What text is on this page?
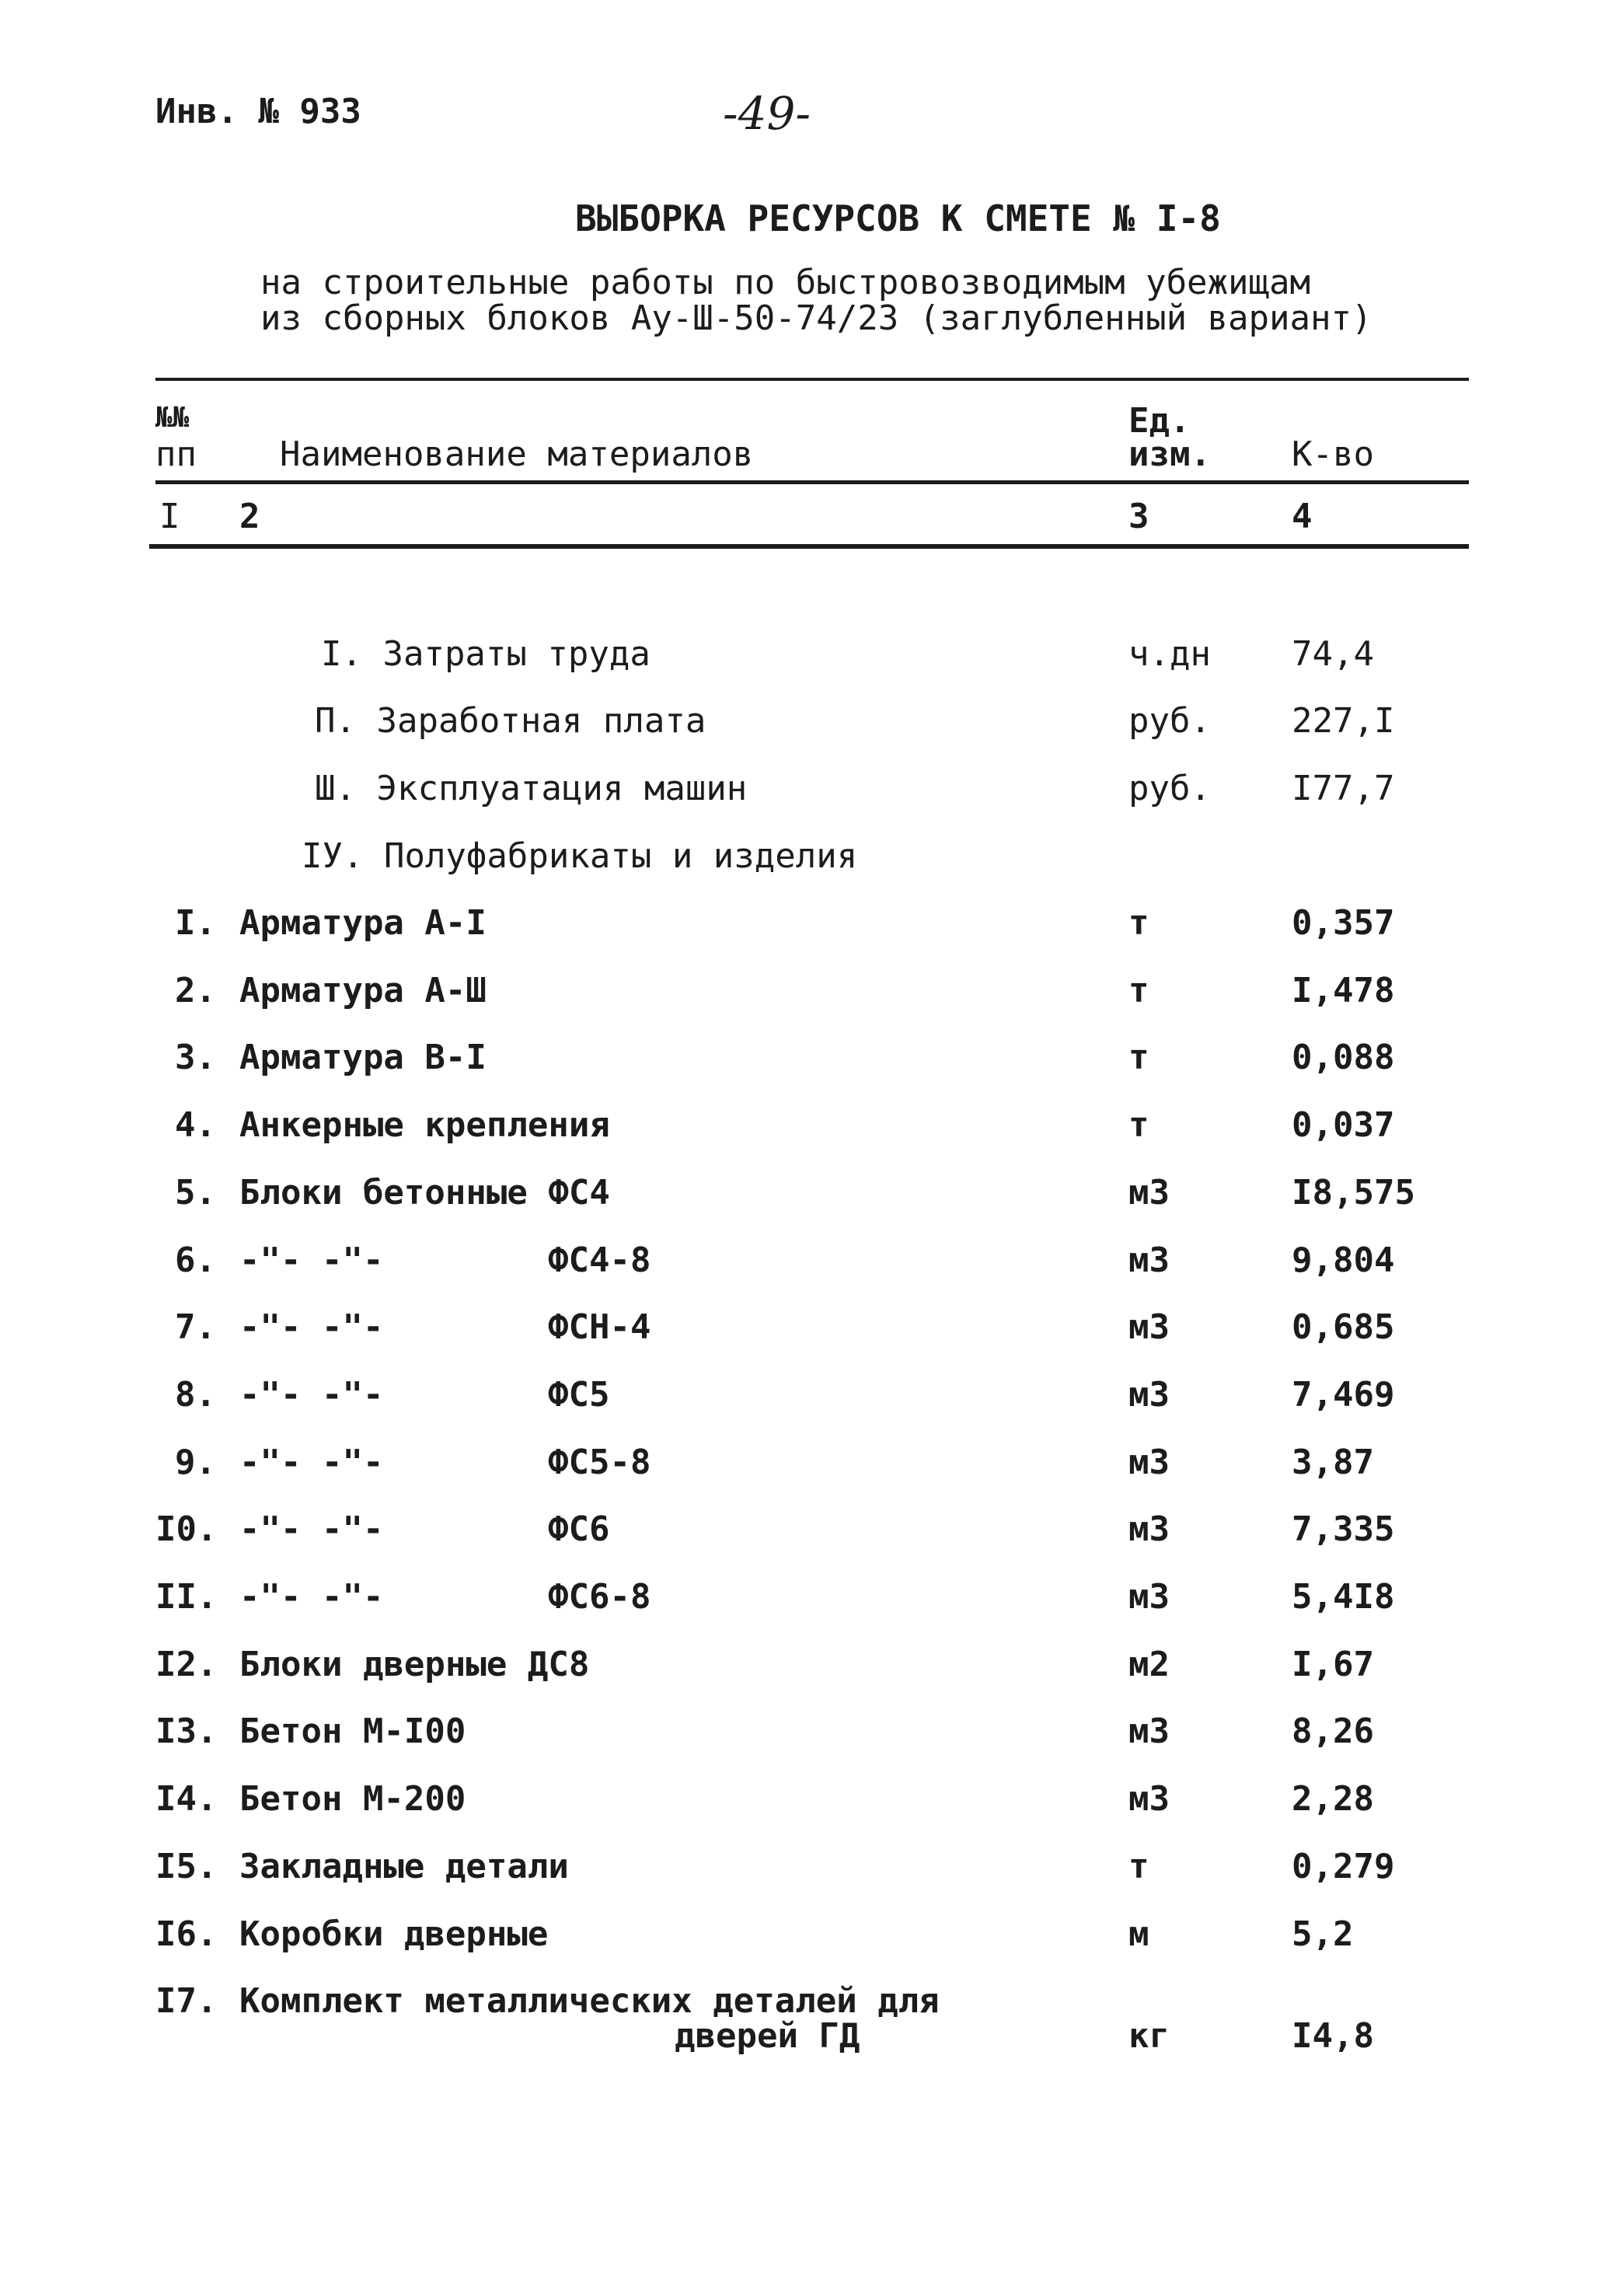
Инв. № 933	-49-
ВЫБОРКА РЕСУРСОВ К СМЕТЕ № I-8
на строительные работы по быстровозводимым убежищам
из сборных блоков Ау-Ш-50-74/23 (заглубленный вариант)
№№
пп Наименование материалов
Ед.
изм. К-во
I 2	3	4
I. Затраты труда	ч.дн 74,4
П. Заработная плата	руб. 227,I
Ш. Эксплуатация машин	руб. I77,7
IУ. Полуфабрикаты и изделия
I. Арматура А-I	т	0,357
2. Арматура А-Ш	т	I,478
3. Арматура В-I	т	0,088
4. Анкерные крепления	т	0,037
5. Блоки бетонные ФС4	м3	I8,575
6. -"- -"-	ФС4-8	м3	9,804
7. -"- -"-	ФСН-4	м3	0,685
8. -"- -"-	ФС5	м3	7,469
9. -"- -"-	ФС5-8	м3	3,87
I0. -"- -"-	ФС6	м3	7,335
II. -"- -"-	ФС6-8	м3	5,4I8
I2. Блоки дверные ДС8	м2	I,67
I3. Бетон М-I00	м3	8,26
I4. Бетон М-200	м3	2,28
I5. Закладные детали	т	0,279
I6. Коробки дверные	м	5,2
I7. Комплект металлических деталей для
дверей ГД	кг	I4,8
